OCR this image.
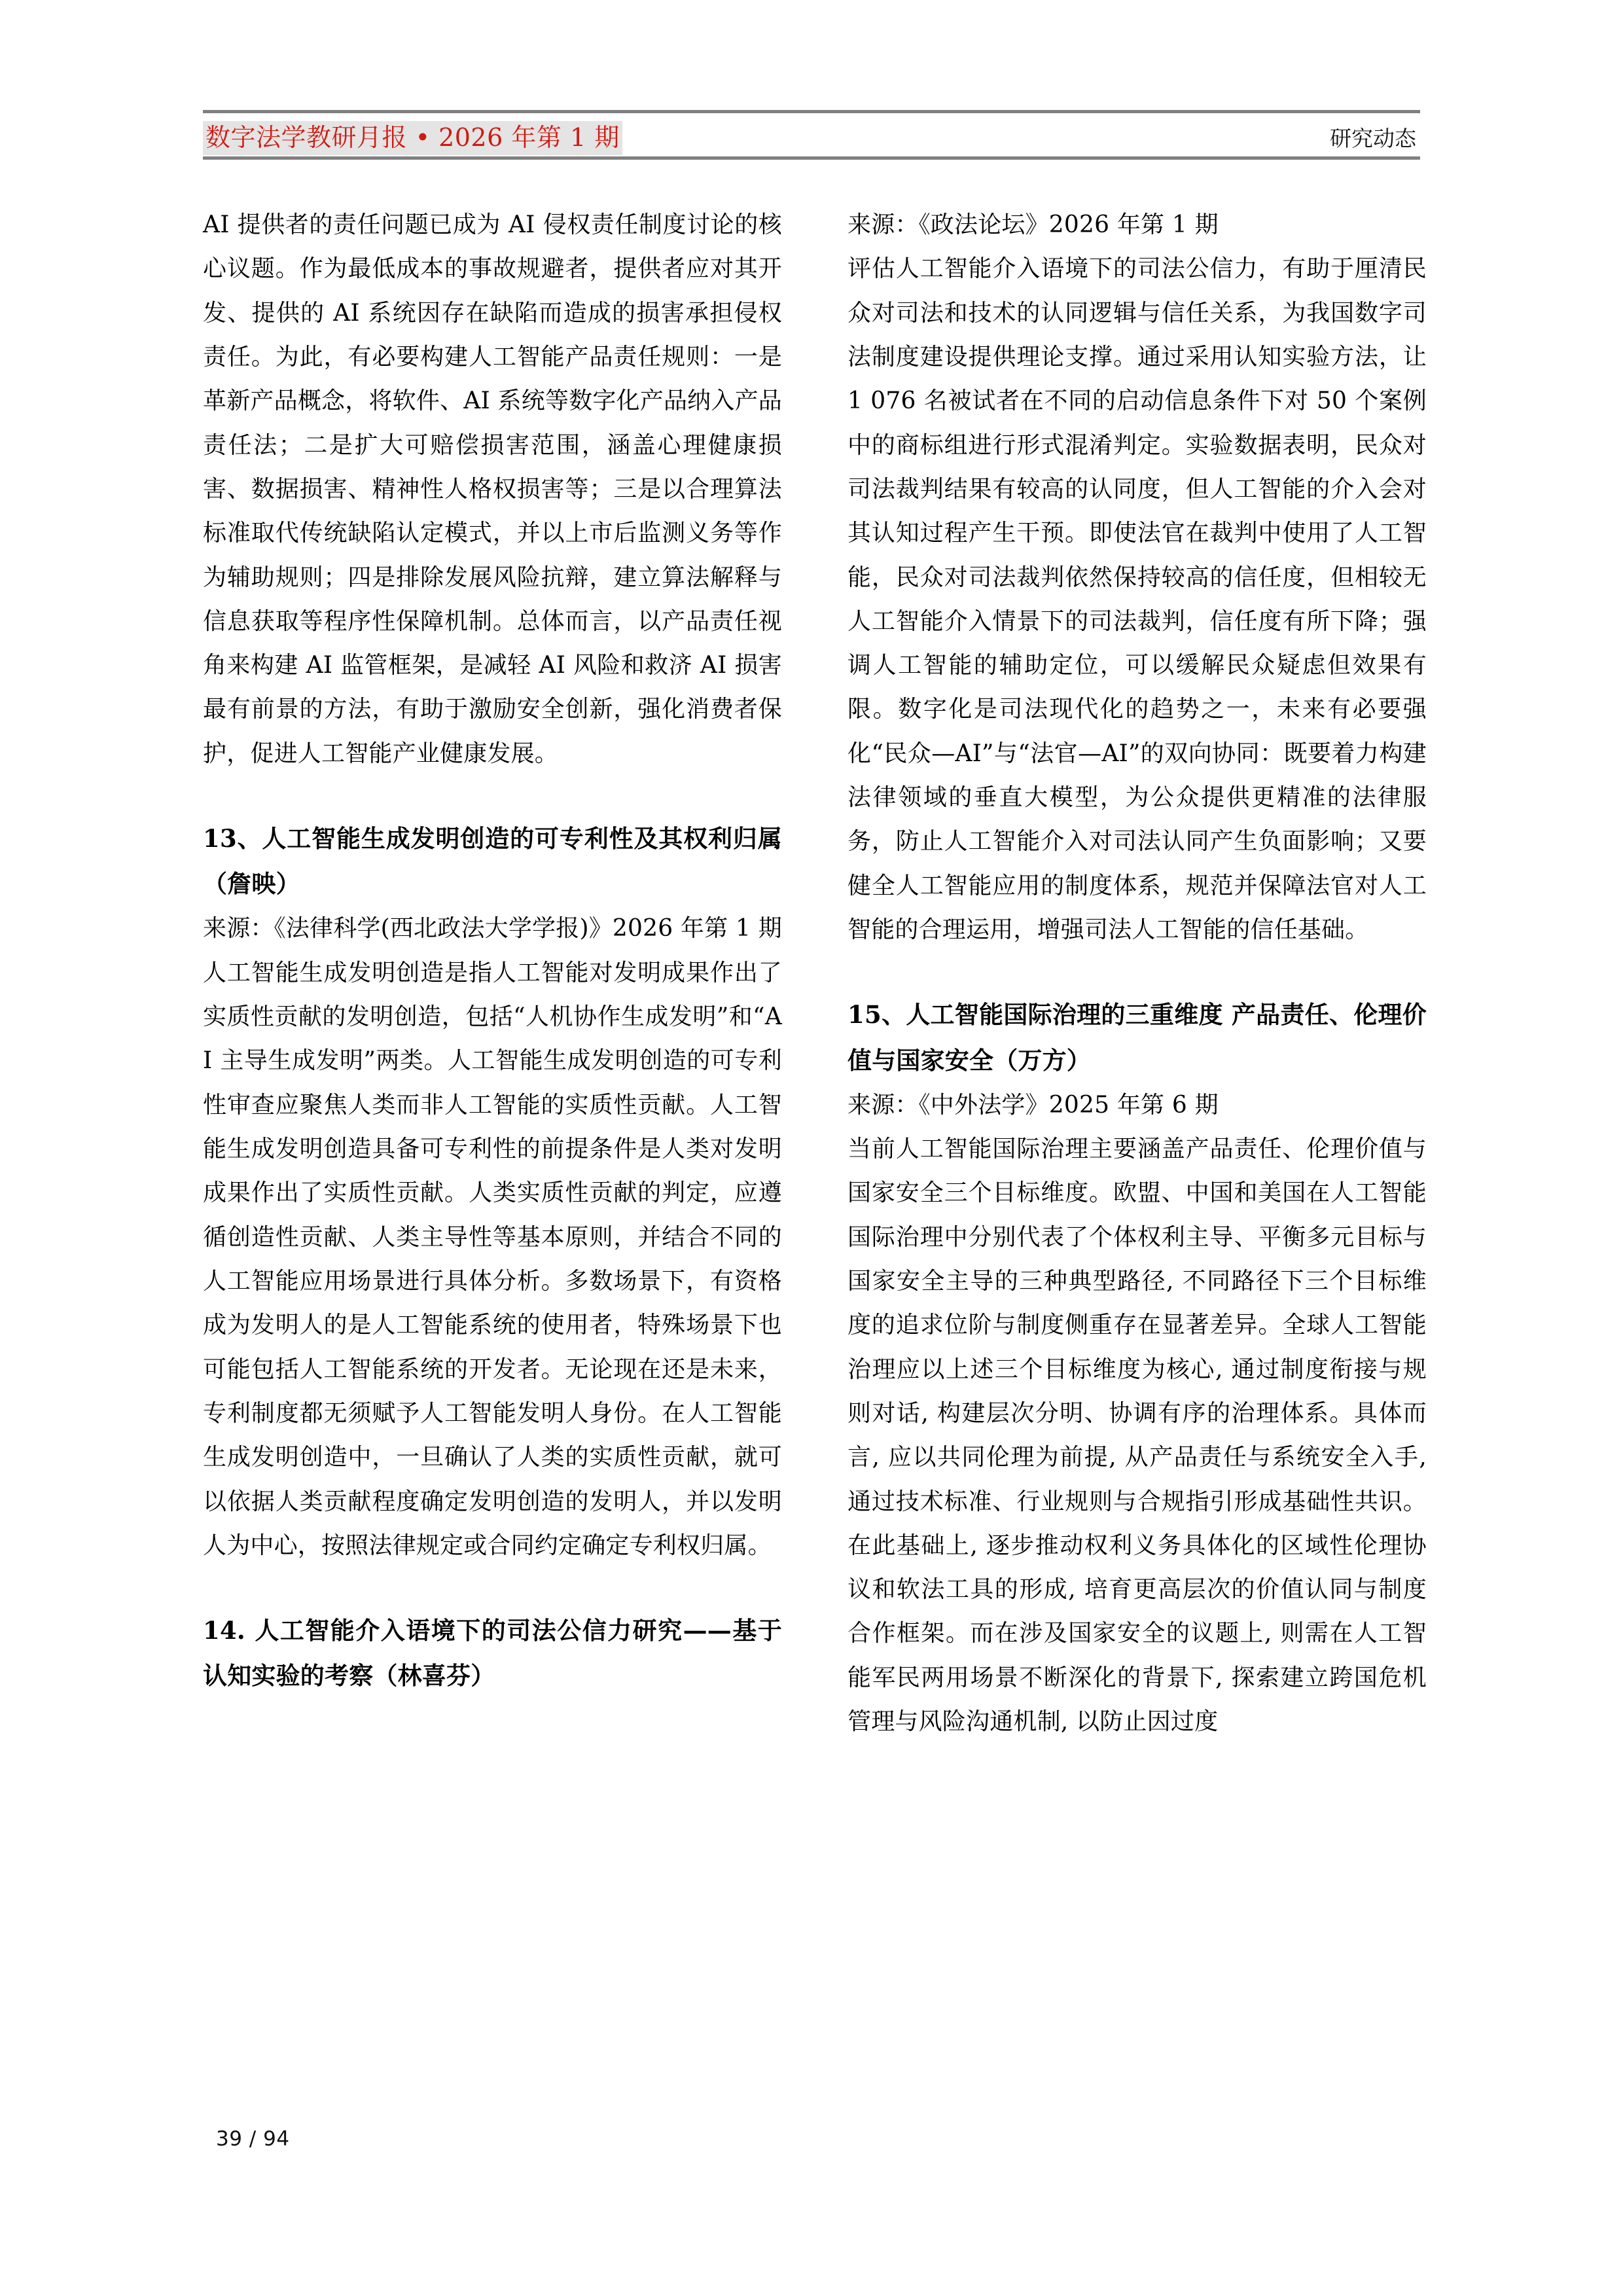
数字法学教研月报 • 2026 年第 1 期	研究动态

AI 提供者的责任问题已成为 AI 侵权责任制度讨论的核心议题。作为最低成本的事故规避者，提供者应对其开发、提供的 AI 系统因存在缺陷而造成的损害承担侵权责任。为此，有必要构建人工智能产品责任规则：一是革新产品概念，将软件、AI 系统等数字化产品纳入产品责任法；二是扩大可赔偿损害范围，涵盖心理健康损害、数据损害、精神性人格权损害等；三是以合理算法标准取代传统缺陷认定模式，并以上市后监测义务等作为辅助规则；四是排除发展风险抗辩，建立算法解释与信息获取等程序性保障机制。总体而言，以产品责任视角来构建 AI 监管框架，是减轻 AI 风险和救济 AI 损害最有前景的方法，有助于激励安全创新，强化消费者保护，促进人工智能产业健康发展。

13、人工智能生成发明创造的可专利性及其权利归属（詹映）

来源：《法律科学(西北政法大学学报)》2026 年第 1 期

人工智能生成发明创造是指人工智能对发明成果作出了实质性贡献的发明创造，包括“人机协作生成发明”和“AI 主导生成发明”两类。人工智能生成发明创造的可专利性审查应聚焦人类而非人工智能的实质性贡献。人工智能生成发明创造具备可专利性的前提条件是人类对发明成果作出了实质性贡献。人类实质性贡献的判定，应遵循创造性贡献、人类主导性等基本原则，并结合不同的人工智能应用场景进行具体分析。多数场景下，有资格成为发明人的是人工智能系统的使用者，特殊场景下也可能包括人工智能系统的开发者。无论现在还是未来，专利制度都无须赋予人工智能发明人身份。在人工智能生成发明创造中，一旦确认了人类的实质性贡献，就可以依据人类贡献程度确定发明创造的发明人，并以发明人为中心，按照法律规定或合同约定确定专利权归属。

14. 人工智能介入语境下的司法公信力研究——基于认知实验的考察（林喜芬）

来源：《政法论坛》2026 年第 1 期

评估人工智能介入语境下的司法公信力，有助于厘清民众对司法和技术的认同逻辑与信任关系，为我国数字司法制度建设提供理论支撑。通过采用认知实验方法，让 1 076 名被试者在不同的启动信息条件下对 50 个案例中的商标组进行形式混淆判定。实验数据表明，民众对司法裁判结果有较高的认同度，但人工智能的介入会对其认知过程产生干预。即使法官在裁判中使用了人工智能，民众对司法裁判依然保持较高的信任度，但相较无人工智能介入情景下的司法裁判，信任度有所下降；强调人工智能的辅助定位，可以缓解民众疑虑但效果有限。数字化是司法现代化的趋势之一，未来有必要强化“民众—AI”与“法官—AI”的双向协同：既要着力构建法律领域的垂直大模型，为公众提供更精准的法律服务，防止人工智能介入对司法认同产生负面影响；又要健全人工智能应用的制度体系，规范并保障法官对人工智能的合理运用，增强司法人工智能的信任基础。

15、人工智能国际治理的三重维度 产品责任、伦理价值与国家安全（万方）

来源：《中外法学》2025 年第 6 期

当前人工智能国际治理主要涵盖产品责任、伦理价值与国家安全三个目标维度。欧盟、中国和美国在人工智能国际治理中分别代表了个体权利主导、平衡多元目标与国家安全主导的三种典型路径, 不同路径下三个目标维度的追求位阶与制度侧重存在显著差异。全球人工智能治理应以上述三个目标维度为核心, 通过制度衔接与规则对话, 构建层次分明、协调有序的治理体系。具体而言, 应以共同伦理为前提, 从产品责任与系统安全入手, 通过技术标准、行业规则与合规指引形成基础性共识。在此基础上, 逐步推动权利义务具体化的区域性伦理协议和软法工具的形成, 培育更高层次的价值认同与制度合作框架。而在涉及国家安全的议题上, 则需在人工智能军民两用场景不断深化的背景下, 探索建立跨国危机管理与风险沟通机制, 以防止因过度

39 / 94
